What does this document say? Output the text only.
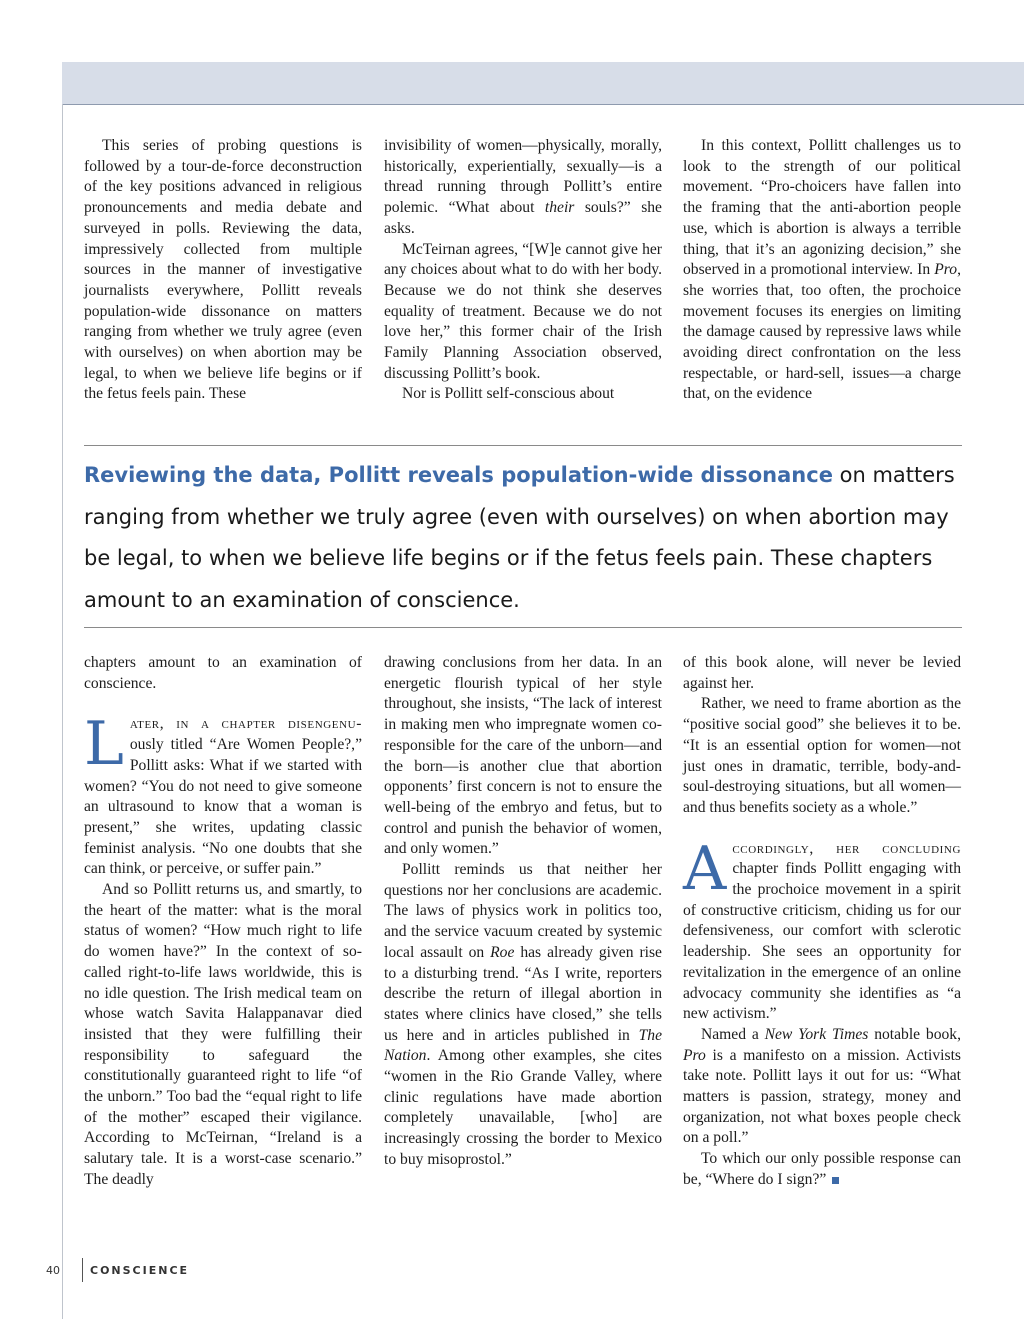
This series of probing questions is followed by a tour-de-force deconstruction of the key positions advanced in religious pronouncements and media debate and surveyed in polls. Reviewing the data, impressively collected from multiple sources in the manner of investigative journalists everywhere, Pollitt reveals population-wide dissonance on matters ranging from whether we truly agree (even with ourselves) on when abortion may be legal, to when we believe life begins or if the fetus feels pain. These

invisibility of women—physically, morally, historically, experientially, sexually—is a thread running through Pollitt’s entire polemic. “What about their souls?” she asks.

McTeirnan agrees, “[W]e cannot give her any choices about what to do with her body. Because we do not think she deserves equality of treatment. Because we do not love her,” this former chair of the Irish Family Planning Association observed, discussing Pollitt’s book.

Nor is Pollitt self-conscious about

In this context, Pollitt challenges us to look to the strength of our political movement. “Pro-choicers have fallen into the framing that the anti-abortion people use, which is abortion is always a terrible thing, that it’s an agonizing decision,” she observed in a promotional interview. In Pro, she worries that, too often, the prochoice movement focuses its energies on limiting the damage caused by repressive laws while avoiding direct confrontation on the less respectable, or hard-sell, issues—a charge that, on the evidence

Reviewing the data, Pollitt reveals population-wide dissonance on matters ranging from whether we truly agree (even with ourselves) on when abortion may be legal, to when we believe life begins or if the fetus feels pain. These chapters amount to an examination of conscience.

chapters amount to an examination of conscience.

Later, in a chapter disengenu- ously titled “Are Women People?,” Pollitt asks: What if we started with women? “You do not need to give someone an ultrasound to know that a woman is present,” she writes, updating classic feminist analysis. “No one doubts that she can think, or perceive, or suffer pain.”

And so Pollitt returns us, and smartly, to the heart of the matter: what is the moral status of women? “How much right to life do women have?” In the context of so-called right-to-life laws worldwide, this is no idle question. The Irish medical team on whose watch Savita Halappanavar died insisted that they were fulfilling their responsibility to safeguard the constitutionally guaranteed right to life “of the unborn.” Too bad the “equal right to life of the mother” escaped their vigilance. According to McTeirnan, “Ireland is a salutary tale. It is a worst-case scenario.” The deadly

drawing conclusions from her data. In an energetic flourish typical of her style throughout, she insists, “The lack of interest in making men who impregnate women co-responsible for the care of the unborn—and the born—is another clue that abortion opponents’ first concern is not to ensure the well-being of the embryo and fetus, but to control and punish the behavior of women, and only women.”

Pollitt reminds us that neither her questions nor her conclusions are academic. The laws of physics work in politics too, and the service vacuum created by systemic local assault on Roe has already given rise to a disturbing trend. “As I write, reporters describe the return of illegal abortion in states where clinics have closed,” she tells us here and in articles published in The Nation. Among other examples, she cites “women in the Rio Grande Valley, where clinic regulations have made abortion completely unavailable, [who] are increasingly crossing the border to Mexico to buy misoprostol.”

of this book alone, will never be levied against her.

Rather, we need to frame abortion as the “positive social good” she believes it to be. “It is an essential option for women—not just ones in dramatic, terrible, body-and-soul-destroying situations, but all women—and thus benefits society as a whole.”

Accordingly, her concluding chapter finds Pollitt engaging with the prochoice movement in a spirit of constructive criticism, chiding us for our defensiveness, our comfort with sclerotic leadership. She sees an opportunity for revitalization in the emergence of an online advocacy community she identifies as “a new activism.”

Named a New York Times notable book, Pro is a manifesto on a mission. Activists take note. Pollitt lays it out for us: “What matters is passion, strategy, money and organization, not what boxes people check on a poll.”

To which our only possible response can be, “Where do I sign?”

40	CONSCIENCE
